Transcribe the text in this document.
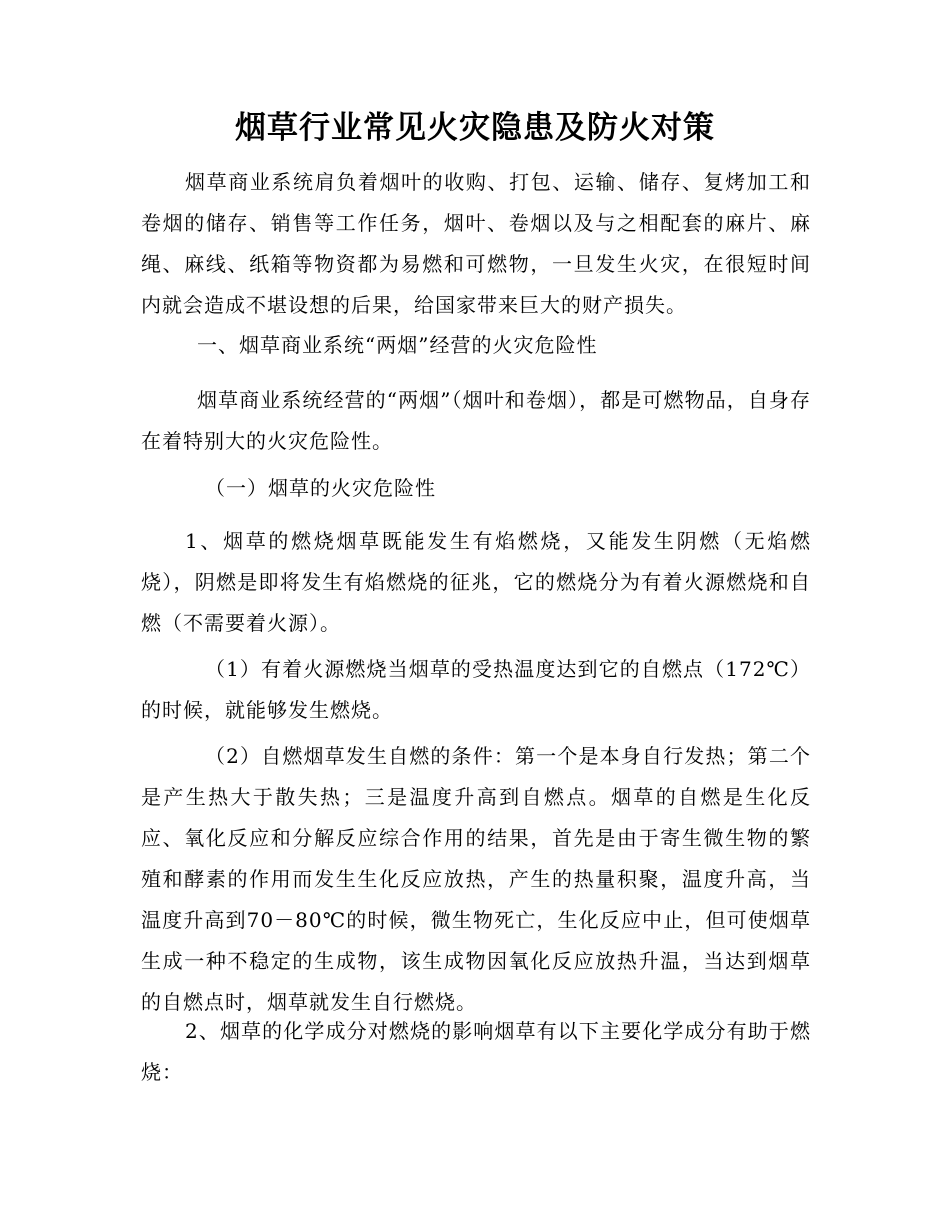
烟草行业常见火灾隐患及防火对策

烟草商业系统肩负着烟叶的收购、打包、运输、储存、复烤加工和卷烟的储存、销售等工作任务，烟叶、卷烟以及与之相配套的麻片、麻绳、麻线、纸箱等物资都为易燃和可燃物，一旦发生火灾，在很短时间内就会造成不堪设想的后果，给国家带来巨大的财产损失。

一、烟草商业系统“两烟”经营的火灾危险性

烟草商业系统经营的“两烟”（烟叶和卷烟），都是可燃物品，自身存在着特别大的火灾危险性。

（一）烟草的火灾危险性

1、烟草的燃烧烟草既能发生有焰燃烧，又能发生阴燃（无焰燃烧），阴燃是即将发生有焰燃烧的征兆，它的燃烧分为有着火源燃烧和自燃（不需要着火源）。

（1）有着火源燃烧当烟草的受热温度达到它的自燃点（172℃）的时候，就能够发生燃烧。

（2）自燃烟草发生自燃的条件：第一个是本身自行发热；第二个是产生热大于散失热；三是温度升高到自燃点。烟草的自燃是生化反应、氧化反应和分解反应综合作用的结果，首先是由于寄生微生物的繁殖和酵素的作用而发生生化反应放热，产生的热量积聚，温度升高，当温度升高到70－80℃的时候，微生物死亡，生化反应中止，但可使烟草生成一种不稳定的生成物，该生成物因氧化反应放热升温，当达到烟草的自燃点时，烟草就发生自行燃烧。

2、烟草的化学成分对燃烧的影响烟草有以下主要化学成分有助于燃烧：
